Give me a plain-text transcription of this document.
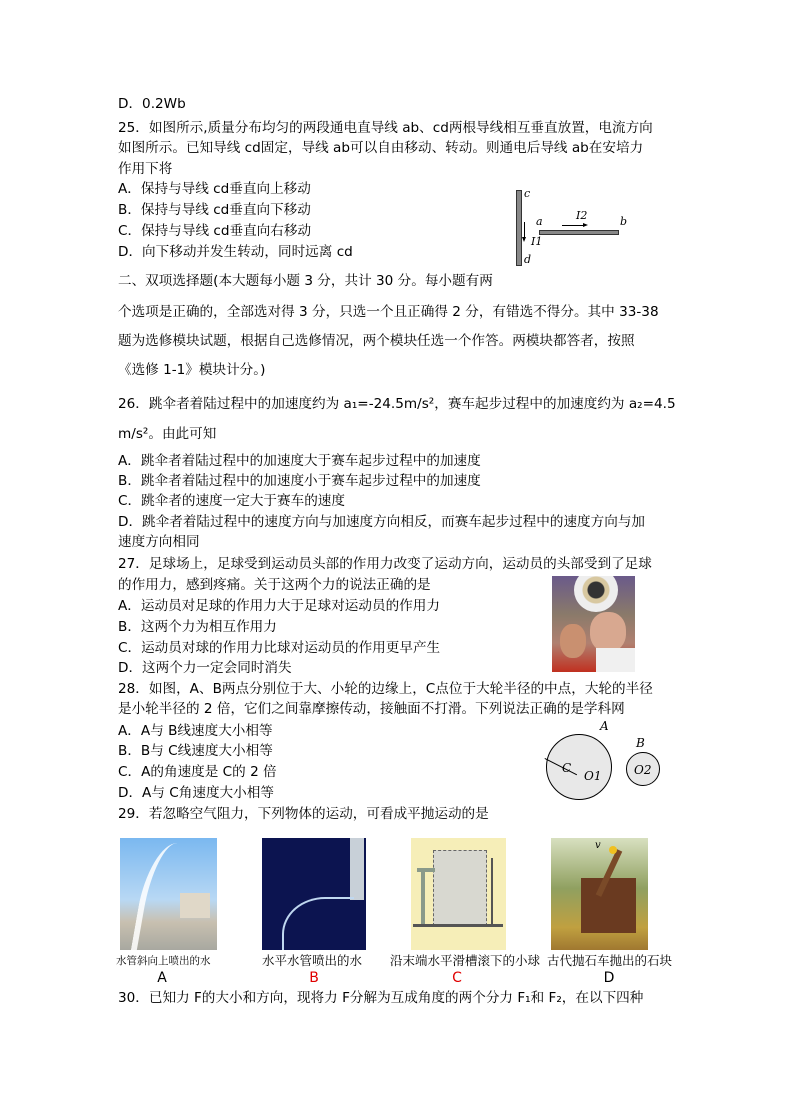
D．0.2Wb
25．如图所示,质量分布均匀的两段通电直导线 ab、cd两根导线相互垂直放置，电流方向
如图所示。已知导线 cd固定，导线 ab可以自由移动、转动。则通电后导线 ab在安培力
作用下将
A．保持与导线 cd垂直向上移动
B．保持与导线 cd垂直向下移动
C．保持与导线 cd垂直向右移动
D．向下移动并发生转动，同时远离 cd
c
d
I1
a	b
I2
二、双项选择题(本大题每小题 3 分，共计 30 分。每小题有两
个选项是正确的，全部选对得 3 分，只选一个且正确得 2 分，有错选不得分。其中 33-38
题为选修模块试题，根据自己选修情况，两个模块任选一个作答。两模块都答者，按照
《选修 1-1》模块计分。)
26．跳伞者着陆过程中的加速度约为 a₁=-24.5m/s²，赛车起步过程中的加速度约为 a₂=4.5
m/s²。由此可知
A．跳伞者着陆过程中的加速度大于赛车起步过程中的加速度
B．跳伞者着陆过程中的加速度小于赛车起步过程中的加速度
C．跳伞者的速度一定大于赛车的速度
D．跳伞者着陆过程中的速度方向与加速度方向相反，而赛车起步过程中的速度方向与加
速度方向相同
27．足球场上，足球受到运动员头部的作用力改变了运动方向，运动员的头部受到了足球
的作用力，感到疼痛。关于这两个力的说法正确的是
A．运动员对足球的作用力大于足球对运动员的作用力
B．这两个力为相互作用力
C．运动员对球的作用力比球对运动员的作用更早产生
D．这两个力一定会同时消失
28．如图，A、B两点分别位于大、小轮的边缘上，C点位于大轮半径的中点，大轮的半径
是小轮半径的 2 倍，它们之间靠摩擦传动，接触面不打滑。下列说法正确的是学科网
A．A与 B线速度大小相等
B．B与 C线速度大小相等
C．A的角速度是 C的 2 倍
D．A与 C角速度大小相等
A
B
C
O1	O2
29．若忽略空气阻力，下列物体的运动，可看成平抛运动的是
v
水管斜向上喷出的水	水平水管喷出的水 沿末端水平滑槽滚下的小球 古代抛石车抛出的石块
A	B	C	D
30．已知力 F的大小和方向，现将力 F分解为互成角度的两个分力 F₁和 F₂，在以下四种
